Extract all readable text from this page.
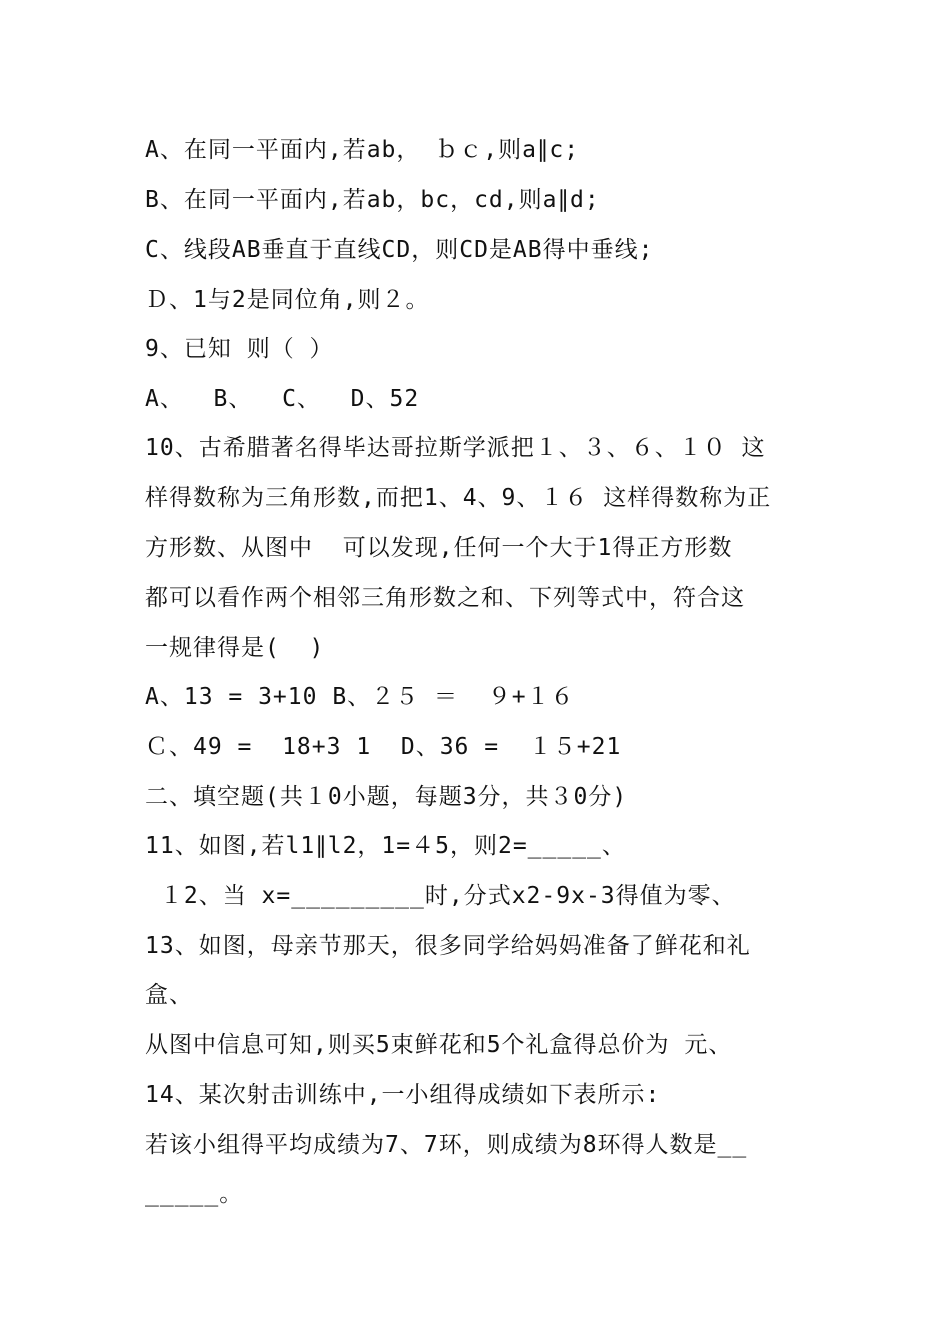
A、在同一平面内,若ab， ｂｃ,则a∥c;
B、在同一平面内,若ab，bc，cd,则a∥d;
C、线段AB垂直于直线CD，则CD是AB得中垂线;
Ｄ、1与2是同位角,则２。
9、已知 则（ ）
A、  B、  C、  D、52
10、古希腊著名得毕达哥拉斯学派把１、３、６、１０ 这
样得数称为三角形数,而把1、4、9、１６ 这样得数称为正
方形数、从图中  可以发现,任何一个大于1得正方形数
都可以看作两个相邻三角形数之和、下列等式中，符合这
一规律得是(  )
A、13 = 3+10 B、２５ ＝  ９+１６
Ｃ、49 =  18+3 1  D、36 =  １５+21
二、填空题(共１0小题，每题3分，共３0分)
11、如图,若l1∥l2，1=４5，则2=_____、
１2、当 x=_________时,分式x2-9x-3得值为零、
13、如图，母亲节那天，很多同学给妈妈准备了鲜花和礼
盒、
从图中信息可知,则买5束鲜花和5个礼盒得总价为 元、
14、某次射击训练中,一小组得成绩如下表所示:
若该小组得平均成绩为7、7环，则成绩为8环得人数是__
_____。
